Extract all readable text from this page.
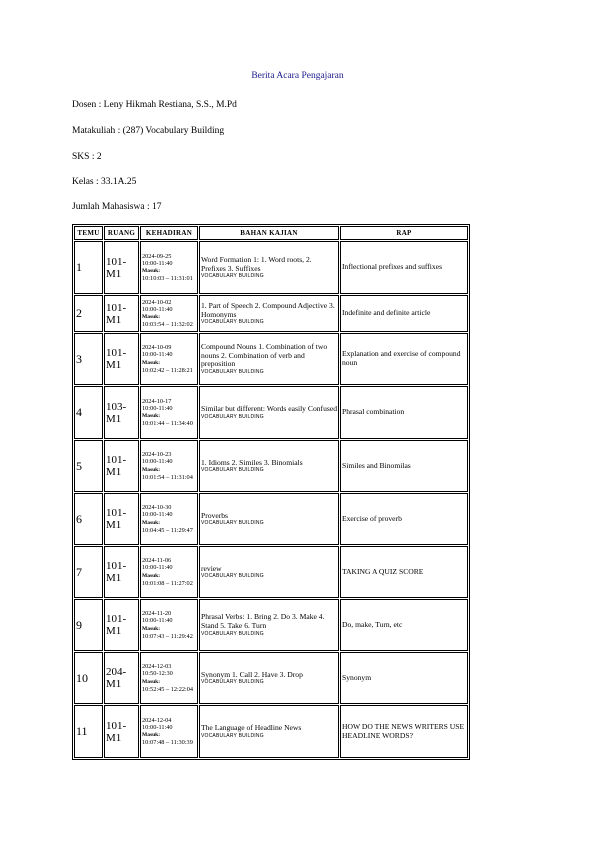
Berita Acara Pengajaran
Dosen : Leny Hikmah Restiana, S.S., M.Pd
Matakuliah : (287) Vocabulary Building
SKS : 2
Kelas : 33.1A.25
Jumlah Mahasiswa : 17
TEMU	RUANG	KEHADIRAN	BAHAN KAJIAN	RAP
1	101-M1	2024-09-25
10:00-11:40
Masuk:
10:10:03 – 11:31:01	Word Formation 1: 1. Word roots, 2. Prefixes 3. Suffixes
VOCABULARY BUILDING	Inflectional prefixes and suffixes
2	101-M1	2024-10-02
10:00-11:40
Masuk:
10:03:54 – 11:32:02	1. Part of Speech 2. Compound Adjective 3. Homonyms
VOCABULARY BUILDING	Indefinite and definite article
3	101-M1	2024-10-09
10:00-11:40
Masuk:
10:02:42 – 11:28:21	Compound Nouns 1. Combination of two nouns 2. Combination of verb and preposition
VOCABULARY BUILDING	Explanation and exercise of compound noun
4	103-M1	2024-10-17
10:00-11:40
Masuk:
10:01:44 – 11:34:40	Similar but different: Words easily Confused
VOCABULARY BUILDING	Phrasal combination
5	101-M1	2024-10-23
10:00-11:40
Masuk:
10:01:54 – 11:31:04	1. Idioms 2. Similes 3. Binomials
VOCABULARY BUILDING	Similes and Binomilas
6	101-M1	2024-10-30
10:00-11:40
Masuk:
10:04:45 – 11:29:47	Proverbs
VOCABULARY BUILDING	Exercise of proverb
7	101-M1	2024-11-06
10:00-11:40
Masuk:
10:01:08 – 11:27:02	review
VOCABULARY BUILDING	TAKING A QUIZ SCORE
9	101-M1	2024-11-20
10:00-11:40
Masuk:
10:07:43 – 11:29:42	Phrasal Verbs: 1. Bring 2. Do 3. Make 4. Stand 5. Take 6. Turn
VOCABULARY BUILDING	Do, make, Turn, etc
10	204-M1	2024-12-03
10:50-12:30
Masuk:
10:52:45 – 12:22:04	Synonym 1. Call 2. Have 3. Drop
VOCABULARY BUILDING	Synonym
11	101-M1	2024-12-04
10:00-11:40
Masuk:
10:07:48 – 11:30:39	The Language of Headline News
VOCABULARY BUILDING	HOW DO THE NEWS WRITERS USE HEADLINE WORDS?
